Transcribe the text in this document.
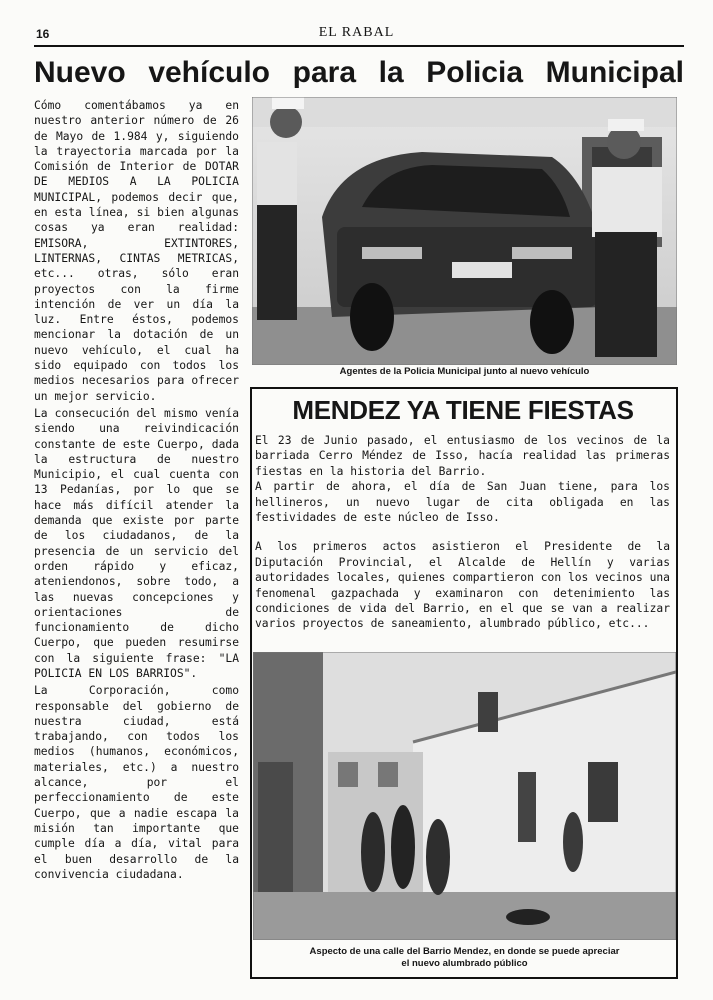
16	EL RABAL
Nuevo vehículo para la Policia Municipal

Cómo comentábamos ya en nuestro anterior número de 26 de Mayo de 1.984 y, siguiendo la trayectoria marcada por la Comisión de Interior de DOTAR DE MEDIOS A LA POLICIA MUNICIPAL, podemos decir que, en esta línea, si bien algunas cosas ya eran realidad: EMISORA, EXTINTORES, LINTERNAS, CINTAS METRICAS, etc... otras, sólo eran proyectos con la firme intención de ver un día la luz. Entre éstos, podemos mencionar la dotación de un nuevo vehículo, el cual ha sido equipado con todos los medios necesarios para ofrecer un mejor servicio.

La consecución del mismo venía siendo una reivindicación constante de este Cuerpo, dada la estructura de nuestro Municipio, el cual cuenta con 13 Pedanías, por lo que se hace más difícil atender la demanda que existe por parte de los ciudadanos, de la presencia de un servicio del orden rápido y eficaz, ateniendonos, sobre todo, a las nuevas concepciones y orientaciones de funcionamiento de dicho Cuerpo, que pueden resumirse con la siguiente frase: "LA POLICIA EN LOS BARRIOS".

La Corporación, como responsable del gobierno de nuestra ciudad, está trabajando, con todos los medios (humanos, económicos, materiales, etc.) a nuestro alcance, por el perfeccionamiento de este Cuerpo, que a nadie escapa la misión tan importante que cumple día a día, vital para el buen desarrollo de la convivencia ciudadana.

Agentes de la Policia Municipal junto al nuevo vehículo
MENDEZ YA TIENE FIESTAS

El 23 de Junio pasado, el entusiasmo de los vecinos de la barriada Cerro Méndez de Isso, hacía realidad las primeras fiestas en la historia del Barrio.

A partir de ahora, el día de San Juan tiene, para los hellineros, un nuevo lugar de cita obligada en las festividades de este núcleo de Isso.

A los primeros actos asistieron el Presidente de la Diputación Provincial, el Alcalde de Hellín y varias autoridades locales, quienes compartieron con los vecinos una fenomenal gazpachada y examinaron con detenimiento las condiciones de vida del Barrio, en el que se van a realizar varios proyectos de saneamiento, alumbrado público, etc...

Aspecto de una calle del Barrio Mendez, en donde se puede apreciar
el nuevo alumbrado público
